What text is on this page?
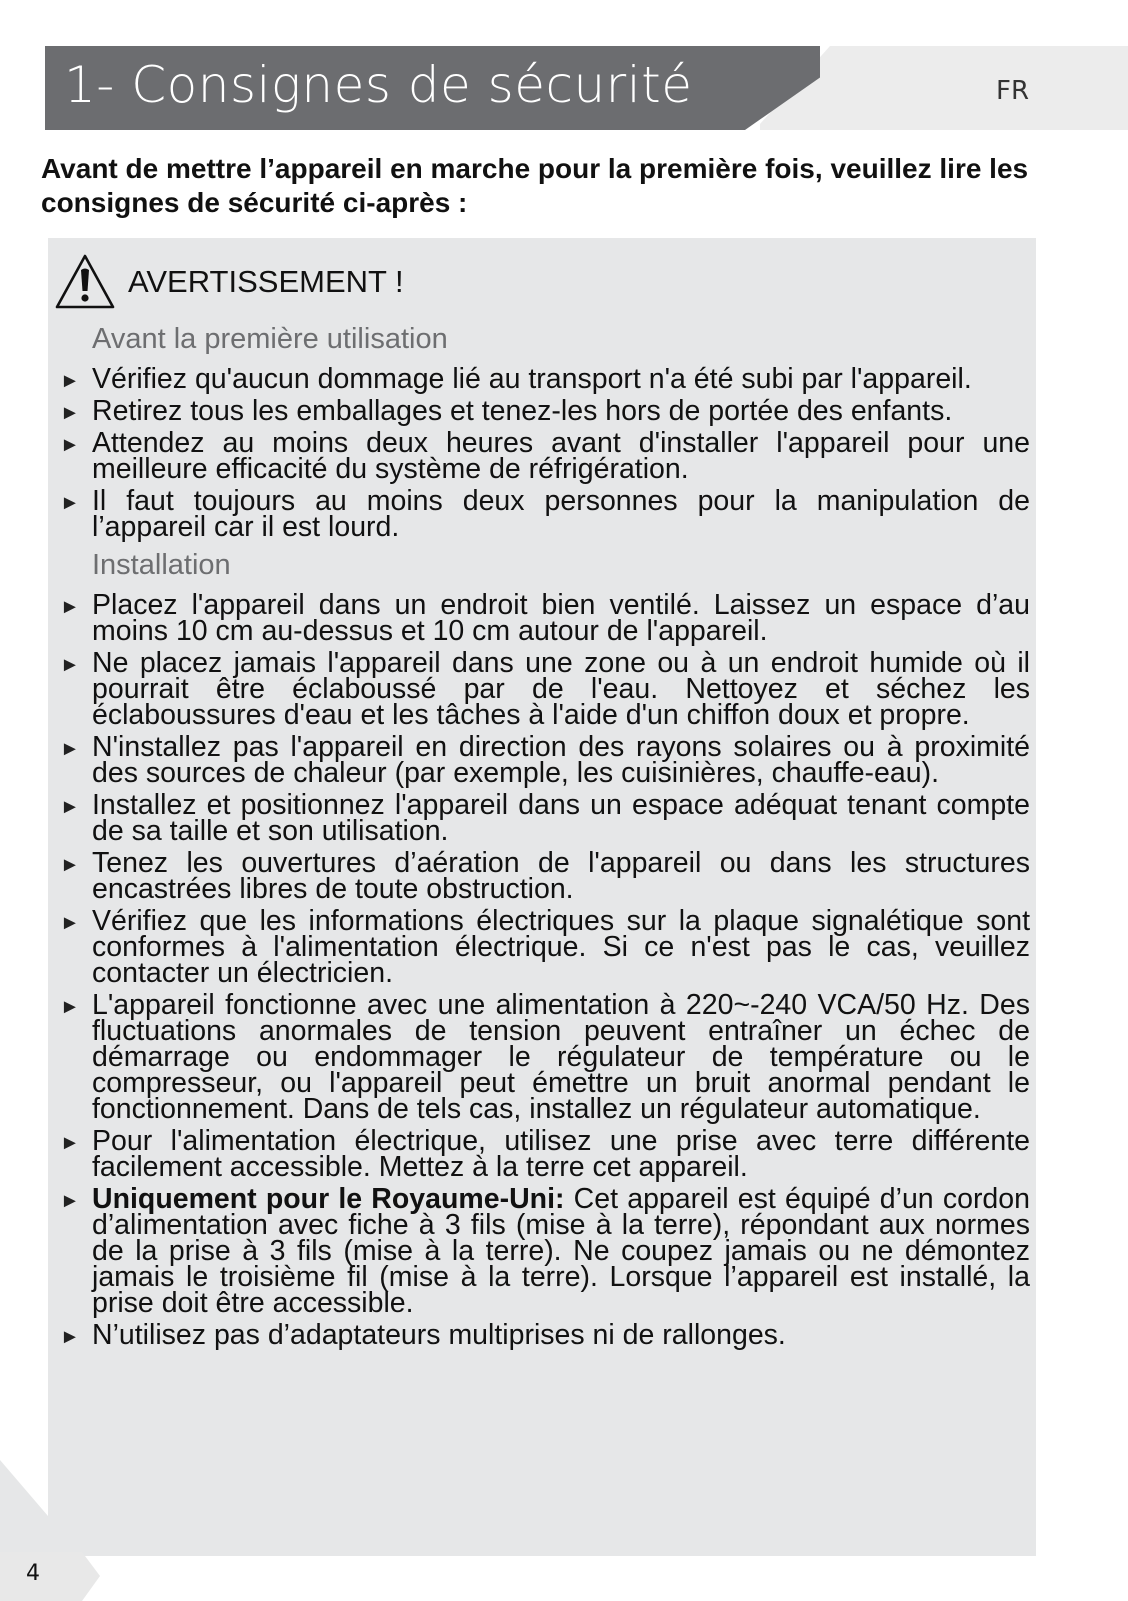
1- Consignes de sécurité	FR
Avant de mettre l’appareil en marche pour la première fois, veuillez lire les consignes de sécurité ci-après :
AVERTISSEMENT !
Avant la première utilisation
► Vérifiez qu'aucun dommage lié au transport n'a été subi par l'appareil.
► Retirez tous les emballages et tenez-les hors de portée des enfants.
► Attendez au moins deux heures avant d'installer l'appareil pour une meilleure efficacité du système de réfrigération.
► Il faut toujours au moins deux personnes pour la manipulation de l’appareil car il est lourd.
Installation
► Placez l'appareil dans un endroit bien ventilé. Laissez un espace d’au moins 10 cm au-dessus et 10 cm autour de l'appareil.
► Ne placez jamais l'appareil dans une zone ou à un endroit humide où il pourrait être éclaboussé par de l'eau. Nettoyez et séchez les éclaboussures d'eau et les tâches à l'aide d'un chiffon doux et propre.
► N'installez pas l'appareil en direction des rayons solaires ou à proximité des sources de chaleur (par exemple, les cuisinières, chauffe-eau).
► Installez et positionnez l'appareil dans un espace adéquat tenant compte de sa taille et son utilisation.
► Tenez les ouvertures d’aération de l'appareil ou dans les structures encastrées libres de toute obstruction.
► Vérifiez que les informations électriques sur la plaque signalétique sont conformes à l'alimentation électrique. Si ce n'est pas le cas, veuillez contacter un électricien.
► L'appareil fonctionne avec une alimentation à 220~-240 VCA/50 Hz. Des fluctuations anormales de tension peuvent entraîner un échec de démarrage ou endommager le régulateur de température ou le compresseur, ou l'appareil peut émettre un bruit anormal pendant le fonctionnement. Dans de tels cas, installez un régulateur automatique.
► Pour l'alimentation électrique, utilisez une prise avec terre différente facilement accessible. Mettez à la terre cet appareil.
► Uniquement pour le Royaume-Uni: Cet appareil est équipé d’un cordon d’alimentation avec fiche à 3 fils (mise à la terre), répondant aux normes de la prise à 3 fils (mise à la terre). Ne coupez jamais ou ne démontez jamais le troisième fil (mise à la terre). Lorsque l’appareil est installé, la prise doit être accessible.
► N’utilisez pas d’adaptateurs multiprises ni de rallonges.
4
